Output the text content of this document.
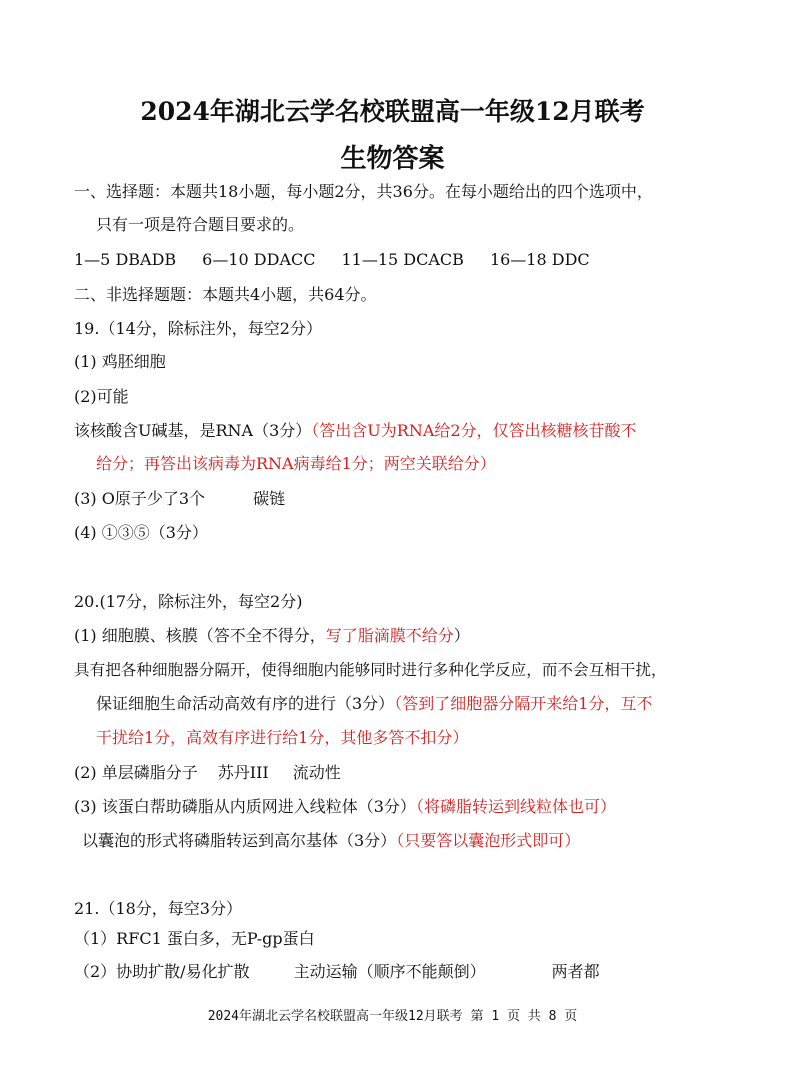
2024年湖北云学名校联盟高一年级12月联考
生物答案
一、选择题：本题共18小题，每小题2分，共36分。在每小题给出的四个选项中，
只有一项是符合题目要求的。
1—5 DBADB 6—10 DDACC 11—15 DCACB 16—18 DDC
二、非选择题题：本题共4小题，共64分。
19.（14分，除标注外，每空2分）
(1) 鸡胚细胞
(2)可能
该核酸含U碱基，是RNA（3分）（答出含U为RNA给2分，仅答出核糖核苷酸不
给分；再答出该病毒为RNA病毒给1分；两空关联给分）
(3) O原子少了3个	碳链
(4) ①③⑤（3分）
20.(17分，除标注外，每空2分)
(1) 细胞膜、核膜（答不全不得分，写了脂滴膜不给分）
具有把各种细胞器分隔开，使得细胞内能够同时进行多种化学反应，而不会互相干扰，
保证细胞生命活动高效有序的进行（3分）（答到了细胞器分隔开来给1分，互不
干扰给1分，高效有序进行给1分，其他多答不扣分）
(2) 单层磷脂分子 苏丹III 流动性
(3) 该蛋白帮助磷脂从内质网进入线粒体（3分）（将磷脂转运到线粒体也可）
以囊泡的形式将磷脂转运到高尔基体（3分）（只要答以囊泡形式即可）
21.（18分，每空3分）
（1）RFC1 蛋白多，无P-gp蛋白
（2）协助扩散/易化扩散	主动运输（顺序不能颠倒）	两者都
2024年湖北云学名校联盟高一年级12月联考 第 1 页 共 8 页
